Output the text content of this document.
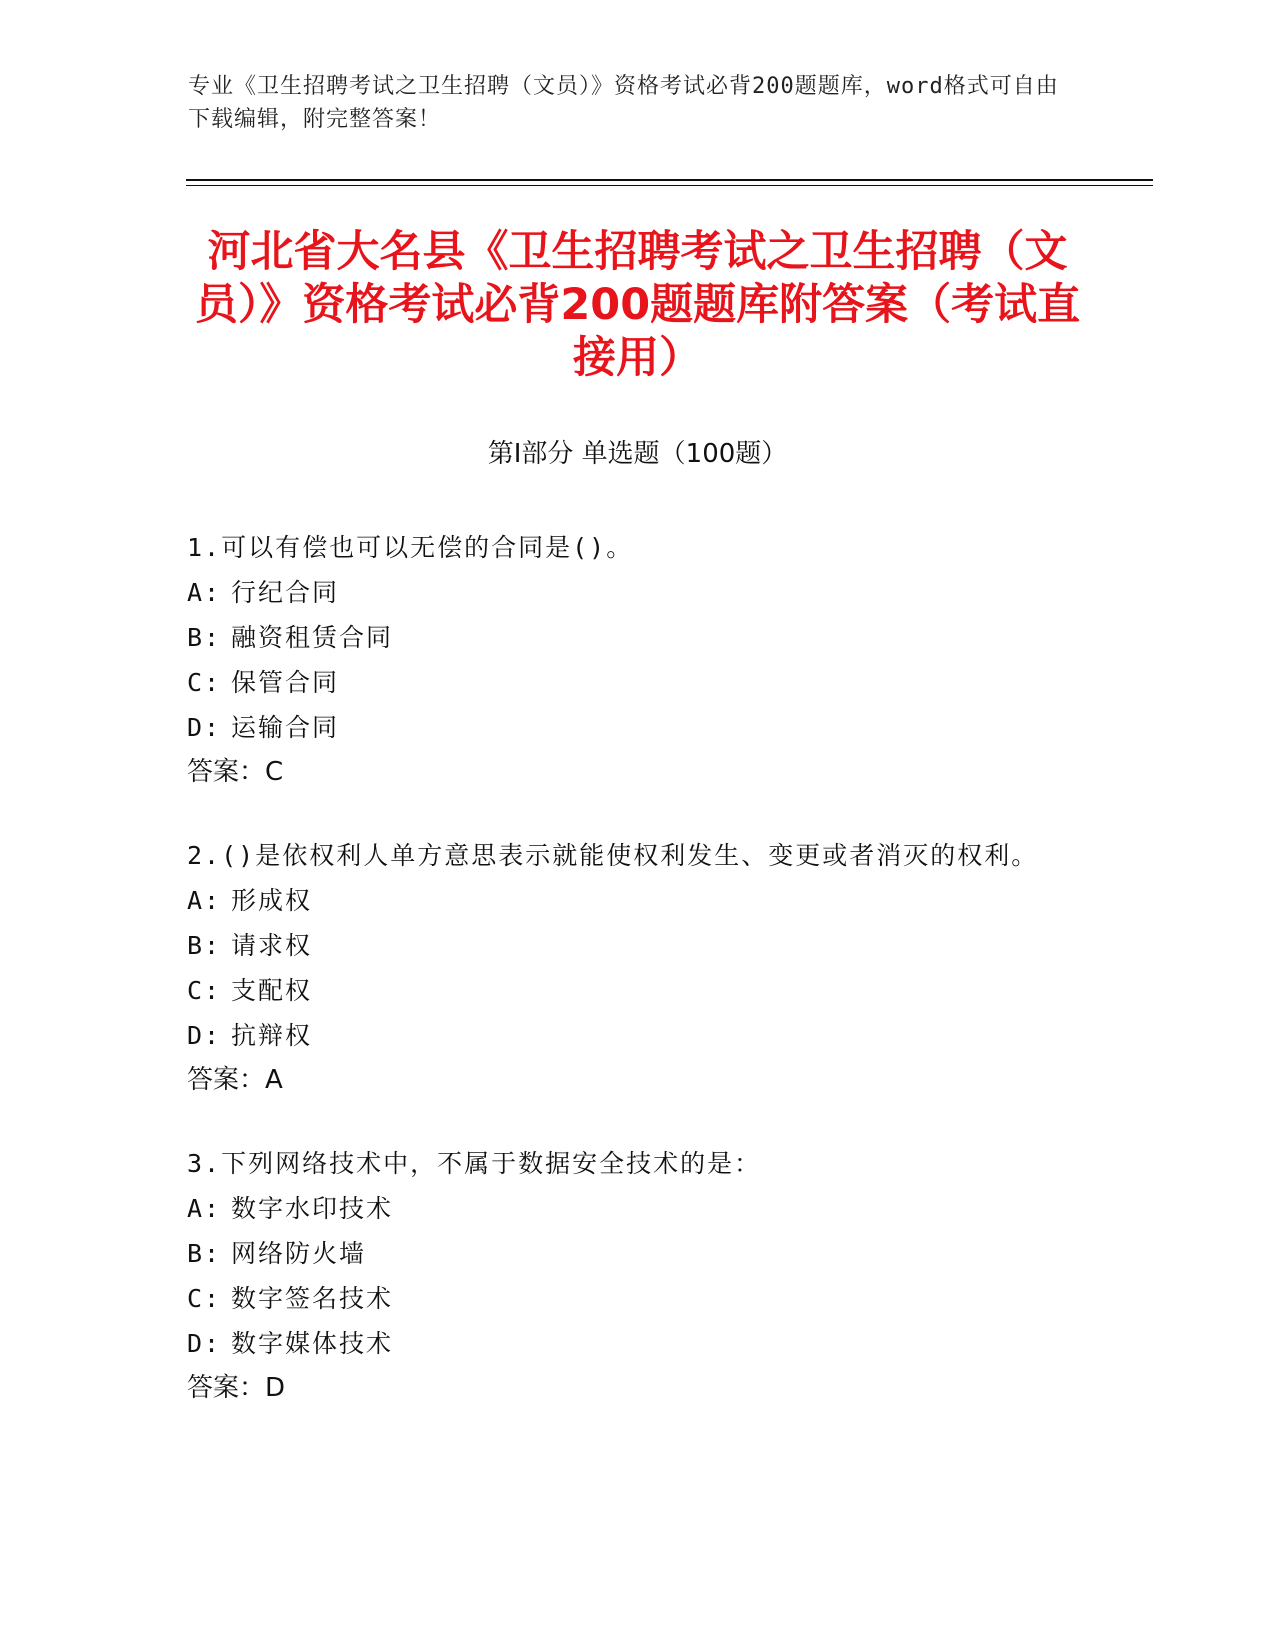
专业《卫生招聘考试之卫生招聘（文员）》资格考试必背200题题库，word格式可自由下载编辑，附完整答案！
河北省大名县《卫生招聘考试之卫生招聘（文员）》资格考试必背200题题库附答案（考试直接用）
第Ⅰ部分 单选题（100题）
1.可以有偿也可以无偿的合同是()。
A: 行纪合同
B: 融资租赁合同
C: 保管合同
D: 运输合同
答案：C
2.()是依权利人单方意思表示就能使权利发生、变更或者消灭的权利。
A: 形成权
B: 请求权
C: 支配权
D: 抗辩权
答案：A
3.下列网络技术中，不属于数据安全技术的是：
A: 数字水印技术
B: 网络防火墙
C: 数字签名技术
D: 数字媒体技术
答案：D
